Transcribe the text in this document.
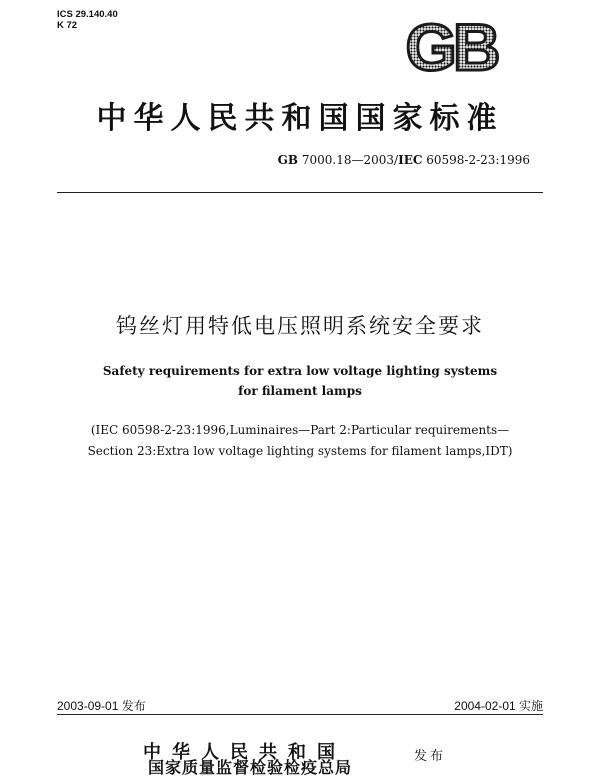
ICS 29.140.40
K 72	GB
中华人民共和国国家标准
GB 7000.18—2003/IEC 60598-2-23:1996
钨丝灯用特低电压照明系统安全要求
Safety requirements for extra low voltage lighting systems
for filament lamps
(IEC 60598-2-23:1996,Luminaires—Part 2:Particular requirements—
Section 23:Extra low voltage lighting systems for filament lamps,IDT)
2003-09-01 发布	2004-02-01 实施
中华人民共和国
国家质量监督检验检疫总局
发布
